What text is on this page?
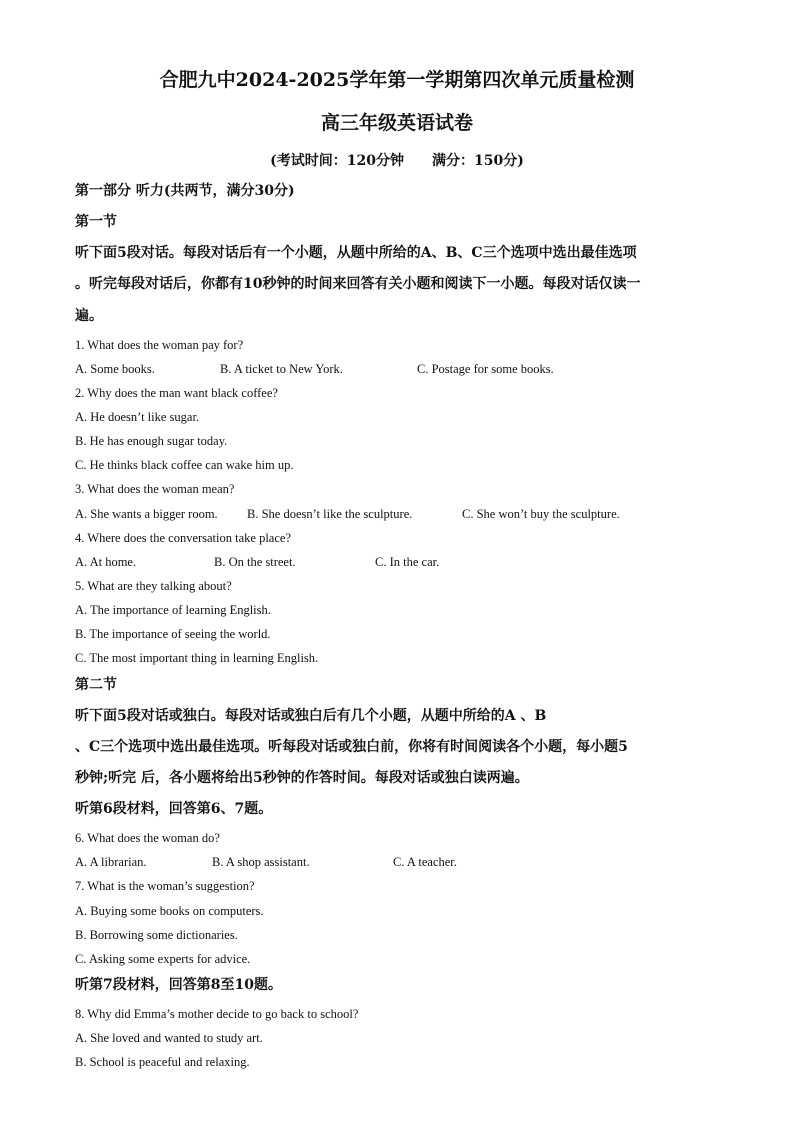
合肥九中2024-2025学年第一学期第四次单元质量检测
高三年级英语试卷
(考试时间：120分钟 满分：150分)
第一部分 听力(共两节，满分30分)
第一节
听下面5段对话。每段对话后有一个小题，从题中所给的A、B、C三个选项中选出最佳选项
。听完每段对话后，你都有10秒钟的时间来回答有关小题和阅读下一小题。每段对话仅读一
遍。
1. What does the woman pay for?
A. Some books.	B. A ticket to New York.	C. Postage for some books.
2. Why does the man want black coffee?
A. He doesn’t like sugar.
B. He has enough sugar today.
C. He thinks black coffee can wake him up.
3. What does the woman mean?
A. She wants a bigger room. B. She doesn’t like the sculpture.	C. She won’t buy the sculpture.
4. Where does the conversation take place?
A. At home.	B. On the street.	C. In the car.
5. What are they talking about?
A. The importance of learning English.
B. The importance of seeing the world.
C. The most important thing in learning English.
第二节
听下面5段对话或独白。每段对话或独白后有几个小题，从题中所给的A 、B
、C三个选项中选出最佳选项。听每段对话或独白前，你将有时间阅读各个小题，每小题5
秒钟;听完 后，各小题将给出5秒钟的作答时间。每段对话或独白读两遍。
听第6段材料，回答第6、7题。
6. What does the woman do?
A. A librarian.	B. A shop assistant.	C. A teacher.
7. What is the woman’s suggestion?
A. Buying some books on computers.
B. Borrowing some dictionaries.
C. Asking some experts for advice.
听第7段材料，回答第8至10题。
8. Why did Emma’s mother decide to go back to school?
A. She loved and wanted to study art.
B. School is peaceful and relaxing.
